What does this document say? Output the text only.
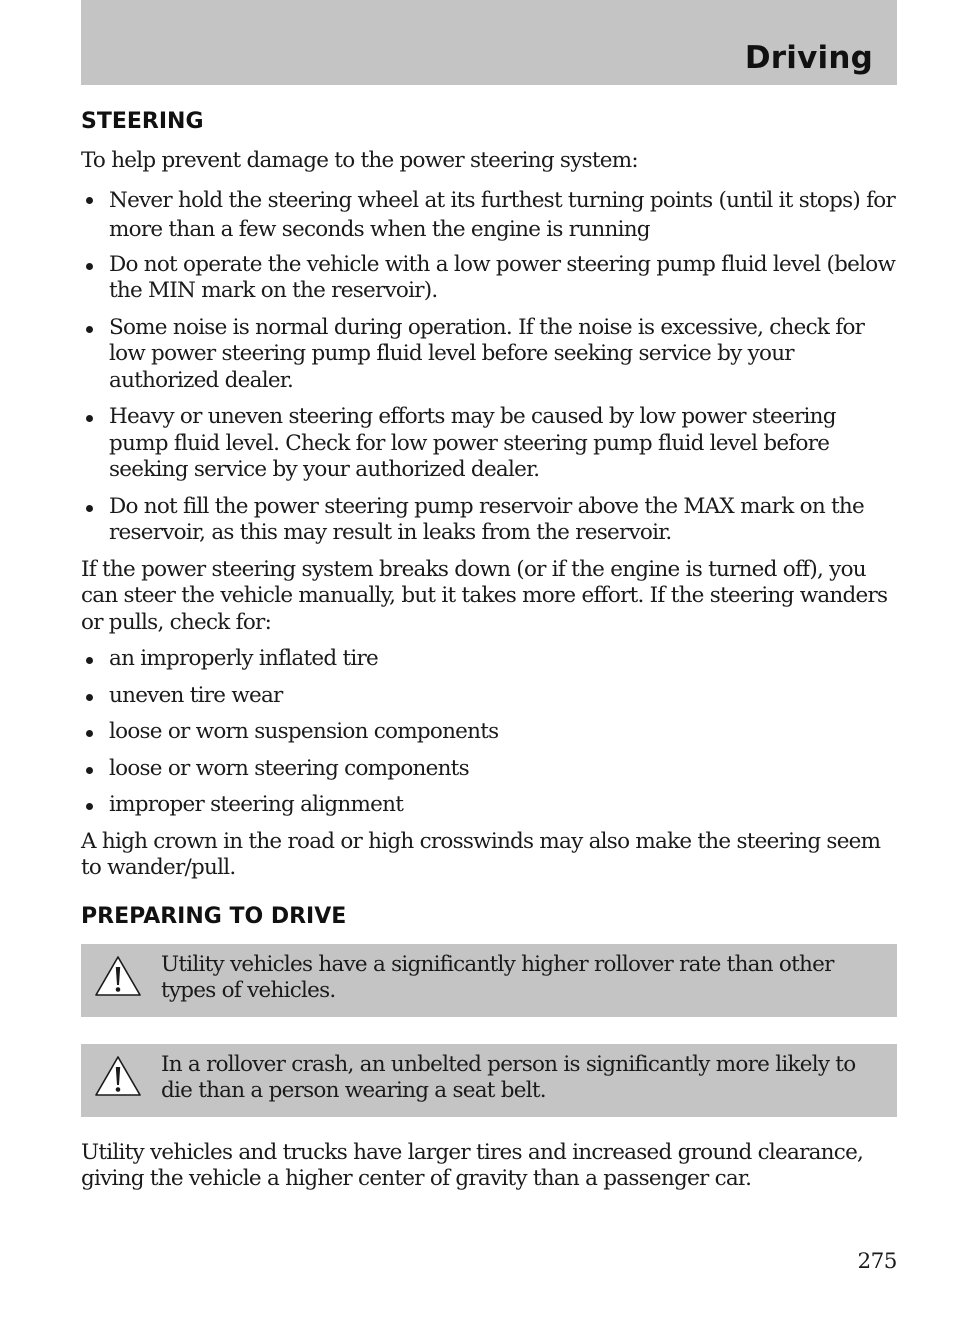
Driving
STEERING

To help prevent damage to the power steering system:

Never hold the steering wheel at its furthest turning points (until it stops) for more than a few seconds when the engine is running
Do not operate the vehicle with a low power steering pump fluid level (below the MIN mark on the reservoir).
Some noise is normal during operation. If the noise is excessive, check for low power steering pump fluid level before seeking service by your authorized dealer.
Heavy or uneven steering efforts may be caused by low power steering pump fluid level. Check for low power steering pump fluid level before seeking service by your authorized dealer.
Do not fill the power steering pump reservoir above the MAX mark on the reservoir, as this may result in leaks from the reservoir.

If the power steering system breaks down (or if the engine is turned off), you can steer the vehicle manually, but it takes more effort. If the steering wanders or pulls, check for:

an improperly inflated tire
uneven tire wear
loose or worn suspension components
loose or worn steering components
improper steering alignment

A high crown in the road or high crosswinds may also make the steering seem to wander/pull.

PREPARING TO DRIVE
Utility vehicles have a significantly higher rollover rate than other types of vehicles.
In a rollover crash, an unbelted person is significantly more likely to die than a person wearing a seat belt.

Utility vehicles and trucks have larger tires and increased ground clearance, giving the vehicle a higher center of gravity than a passenger car.

275
